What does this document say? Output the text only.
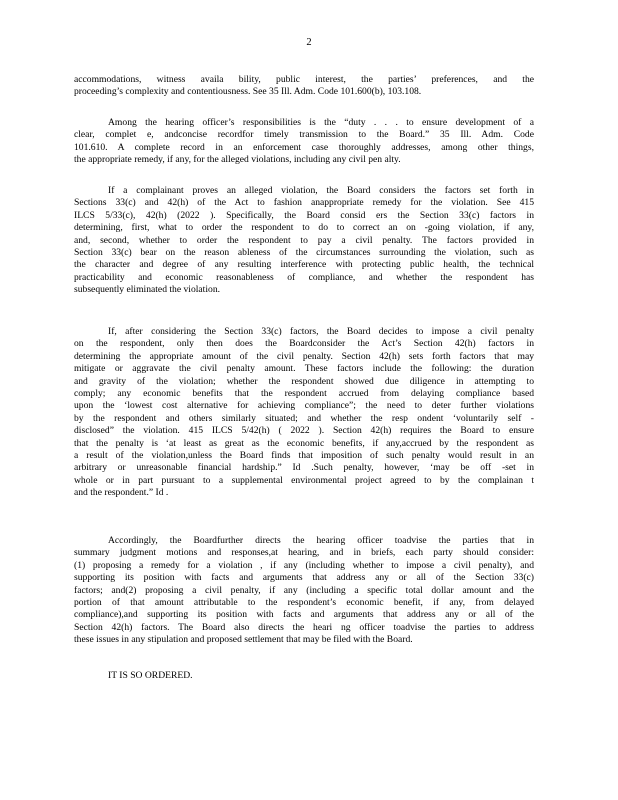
2
accommodations, witness availa bility, public interest, the parties’ preferences, and the
proceeding’s complexity and contentiousness. See 35 Ill. Adm. Code 101.600(b), 103.108.
Among the hearing officer’s responsibilities is the “duty . . . to ensure development of a
clear, complet e, andconcise recordfor timely transmission to the Board.” 35 Ill. Adm. Code
101.610. A complete record in an enforcement case thoroughly addresses, among other things,
the appropriate remedy, if any, for the alleged violations, including any civil pen alty.
If a complainant proves an alleged violation, the Board considers the factors set forth in
Sections 33(c) and 42(h) of the Act to fashion anappropriate remedy for the violation. See 415
ILCS 5/33(c), 42(h) (2022 ). Specifically, the Board consid ers the Section 33(c) factors in
determining, first, what to order the respondent to do to correct an on -going violation, if any,
and, second, whether to order the respondent to pay a civil penalty. The factors provided in
Section 33(c) bear on the reason ableness of the circumstances surrounding the violation, such as
the character and degree of any resulting interference with protecting public health, the technical
practicability and economic reasonableness of compliance, and whether the respondent has
subsequently eliminated the violation.
If, after considering the Section 33(c) factors, the Board decides to impose a civil penalty
on the respondent, only then does the Boardconsider the Act’s Section 42(h) factors in
determining the appropriate amount of the civil penalty. Section 42(h) sets forth factors that may
mitigate or aggravate the civil penalty amount. These factors include the following: the duration
and gravity of the violation; whether the respondent showed due diligence in attempting to
comply; any economic benefits that the respondent accrued from delaying compliance based
upon the ‘lowest cost alternative for achieving compliance”; the need to deter further violations
by the respondent and others similarly situated; and whether the resp ondent ‘voluntarily self -
disclosed” the violation. 415 ILCS 5/42(h) ( 2022 ). Section 42(h) requires the Board to ensure
that the penalty is ‘at least as great as the economic benefits, if any,accrued by the respondent as
a result of the violation,unless the Board finds that imposition of such penalty would result in an
arbitrary or unreasonable financial hardship.” Id .Such penalty, however, ‘may be off -set in
whole or in part pursuant to a supplemental environmental project agreed to by the complainan t
and the respondent.” Id .
Accordingly, the Boardfurther directs the hearing officer toadvise the parties that in
summary judgment motions and responses,at hearing, and in briefs, each party should consider:
(1) proposing a remedy for a violation , if any (including whether to impose a civil penalty), and
supporting its position with facts and arguments that address any or all of the Section 33(c)
factors; and(2) proposing a civil penalty, if any (including a specific total dollar amount and the
portion of that amount attributable to the respondent’s economic benefit, if any, from delayed
compliance),and supporting its position with facts and arguments that address any or all of the
Section 42(h) factors. The Board also directs the heari ng officer toadvise the parties to address
these issues in any stipulation and proposed settlement that may be filed with the Board.
IT IS SO ORDERED.
